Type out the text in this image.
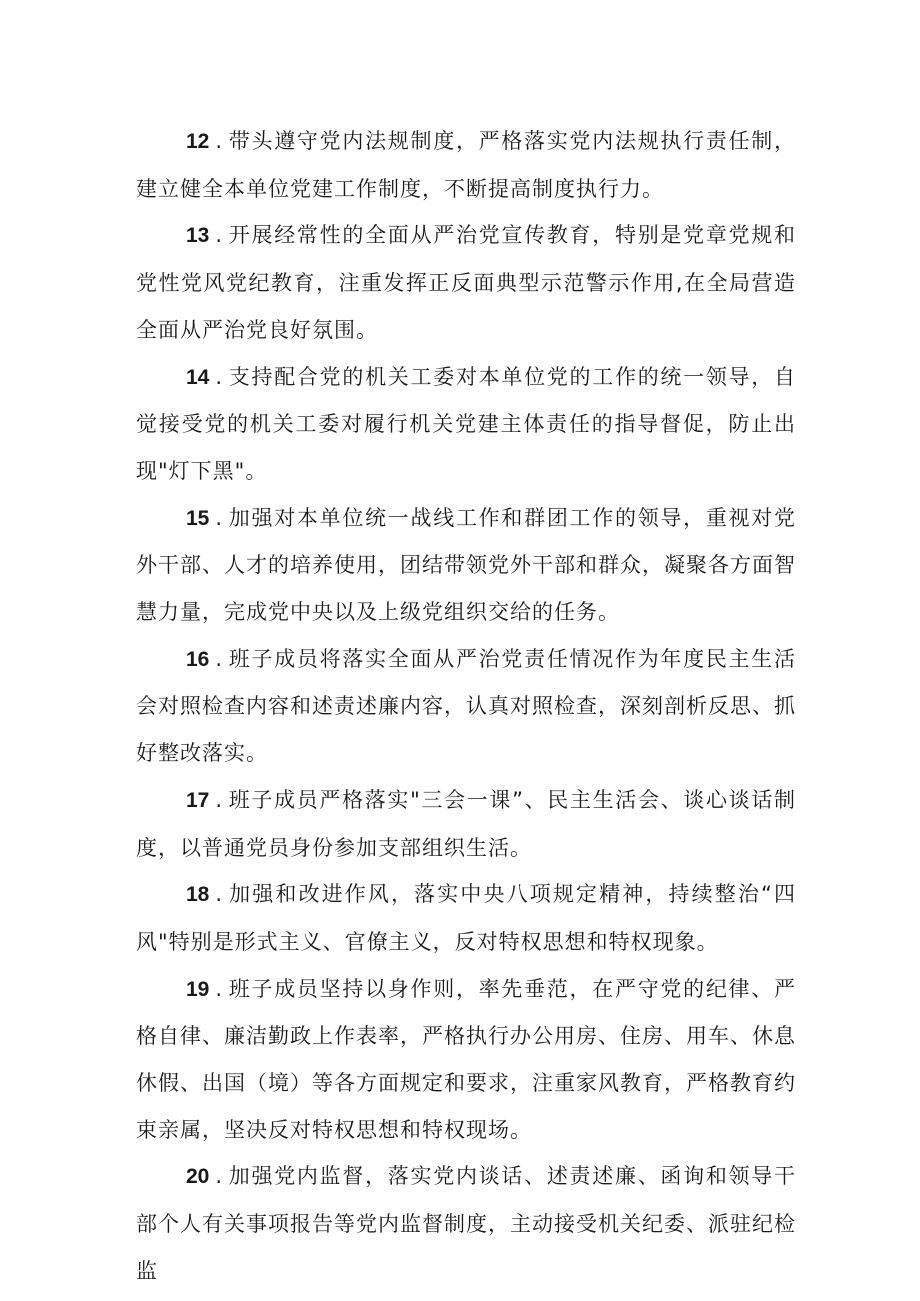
12 . 带头遵守党内法规制度，严格落实党内法规执行责任制，建立健全本单位党建工作制度，不断提高制度执行力。

13 . 开展经常性的全面从严治党宣传教育，特别是党章党规和党性党风党纪教育，注重发挥正反面典型示范警示作用,在全局营造全面从严治党良好氛围。

14 . 支持配合党的机关工委对本单位党的工作的统一领导，自觉接受党的机关工委对履行机关党建主体责任的指导督促，防止出现"灯下黑"。

15 . 加强对本单位统一战线工作和群团工作的领导，重视对党外干部、人才的培养使用，团结带领党外干部和群众，凝聚各方面智慧力量，完成党中央以及上级党组织交给的任务。

16 . 班子成员将落实全面从严治党责任情况作为年度民主生活会对照检查内容和述责述廉内容，认真对照检查，深刻剖析反思、抓好整改落实。

17 . 班子成员严格落实"三会一课”、民主生活会、谈心谈话制度，以普通党员身份参加支部组织生活。

18 . 加强和改进作风，落实中央八项规定精神，持续整治“四风"特别是形式主义、官僚主义，反对特权思想和特权现象。

19 . 班子成员坚持以身作则，率先垂范，在严守党的纪律、严格自律、廉洁勤政上作表率，严格执行办公用房、住房、用车、休息休假、出国（境）等各方面规定和要求，注重家风教育，严格教育约束亲属，坚决反对特权思想和特权现场。

20 . 加强党内监督，落实党内谈话、述责述廉、函询和领导干部个人有关事项报告等党内监督制度，主动接受机关纪委、派驻纪检监
